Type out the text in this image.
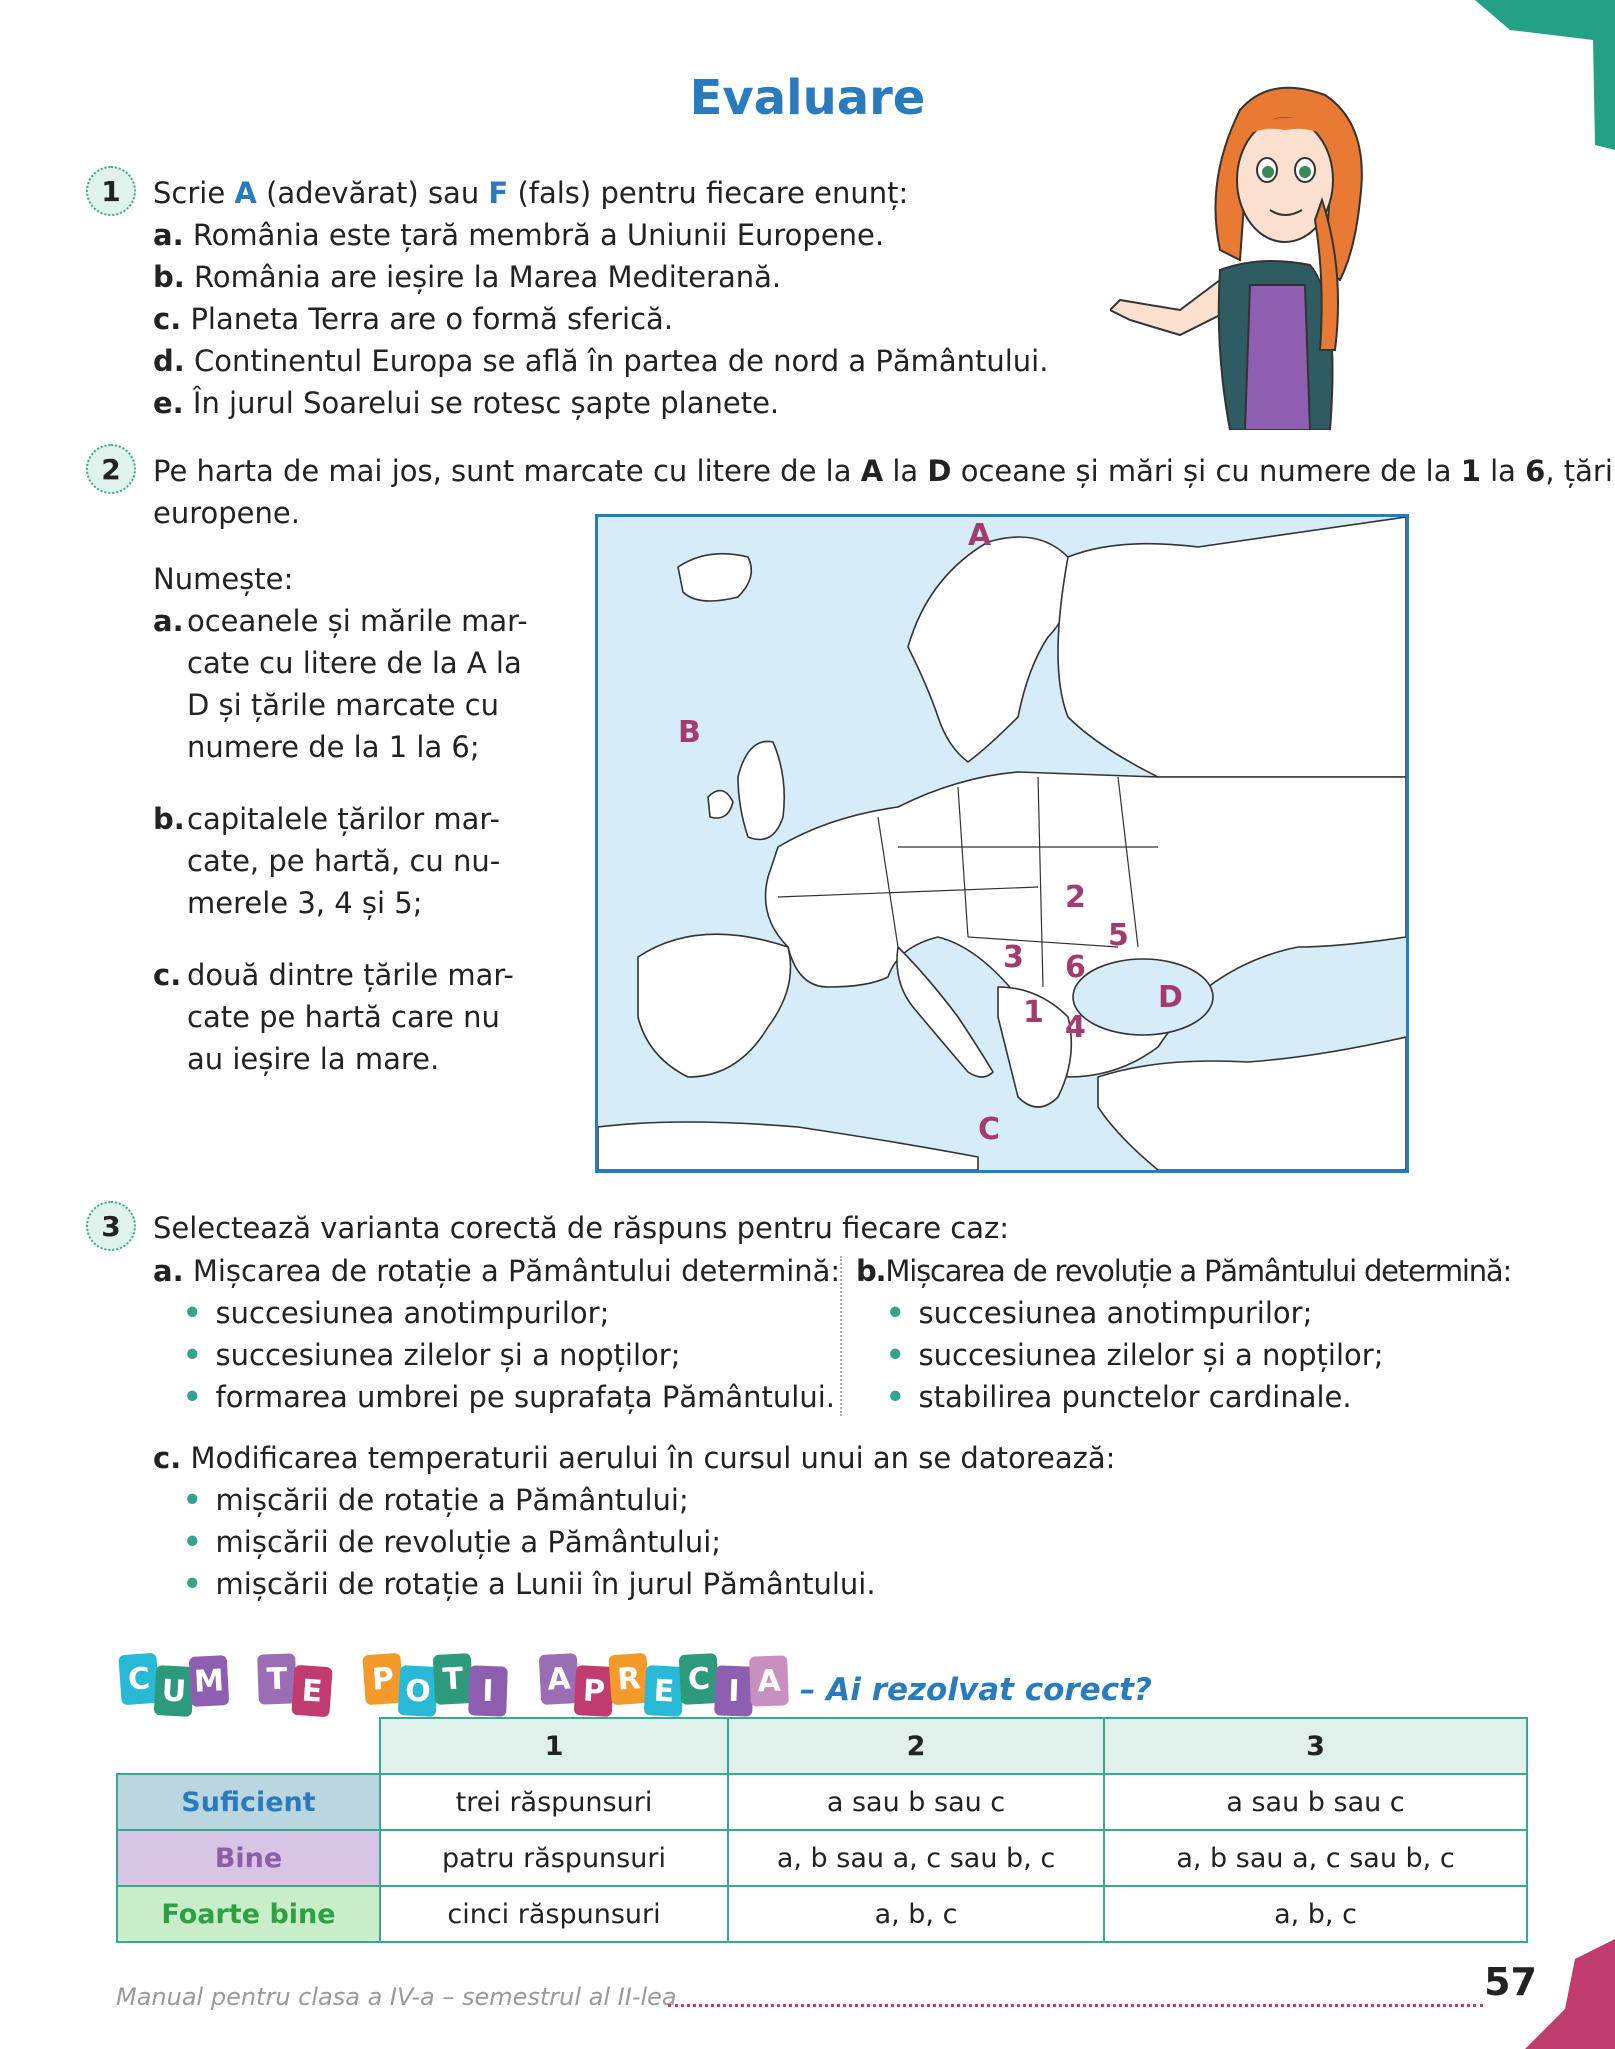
Evaluare
1	Scrie A (adevărat) sau F (fals) pentru fiecare enunț:
a. România este țară membră a Uniunii Europene.
b. România are ieșire la Marea Mediterană.
c. Planeta Terra are o formă sferică.
d. Continentul Europa se află în partea de nord a Pământului.
e. În jurul Soarelui se rotesc șapte planete.
2	Pe harta de mai jos, sunt marcate cu litere de la A la D oceane și mări și cu numere de la 1 la 6, țări
europene.
Numește:
a. oceanele și mările mar-
cate cu litere de la A la
D și țările marcate cu
numere de la 1 la 6;
b. capitalele țărilor mar-
cate, pe hartă, cu nu-
merele 3, 4 și 5;
c. două dintre țările mar-
cate pe hartă care nu
au ieșire la mare.
A
B
C
D
1
2
3
4
5
6
3	Selectează varianta corectă de răspuns pentru fiecare caz:
a. Mișcarea de rotație a Pământului determină:
• succesiunea anotimpurilor;
• succesiunea zilelor și a nopților;
• formarea umbrei pe suprafața Pământului.
b.Mișcarea de revoluție a Pământului determină:
• succesiunea anotimpurilor;
• succesiunea zilelor și a nopților;
• stabilirea punctelor cardinale.
c. Modificarea temperaturii aerului în cursul unui an se datorează:
• mișcării de rotație a Pământului;
• mișcării de revoluție a Pământului;
• mișcării de rotație a Lunii în jurul Pământului.
C U M	T E	P O T I	A P R E C I A – Ai rezolvat corect?
	1	2	3
Suficient	trei răspunsuri	a sau b sau c	a sau b sau c
Bine	patru răspunsuri	a, b sau a, c sau b, c	a, b sau a, c sau b, c
Foarte bine	cinci răspunsuri	a, b, c	a, b, c
Manual pentru clasa a IV-a – semestrul al II-lea	57
